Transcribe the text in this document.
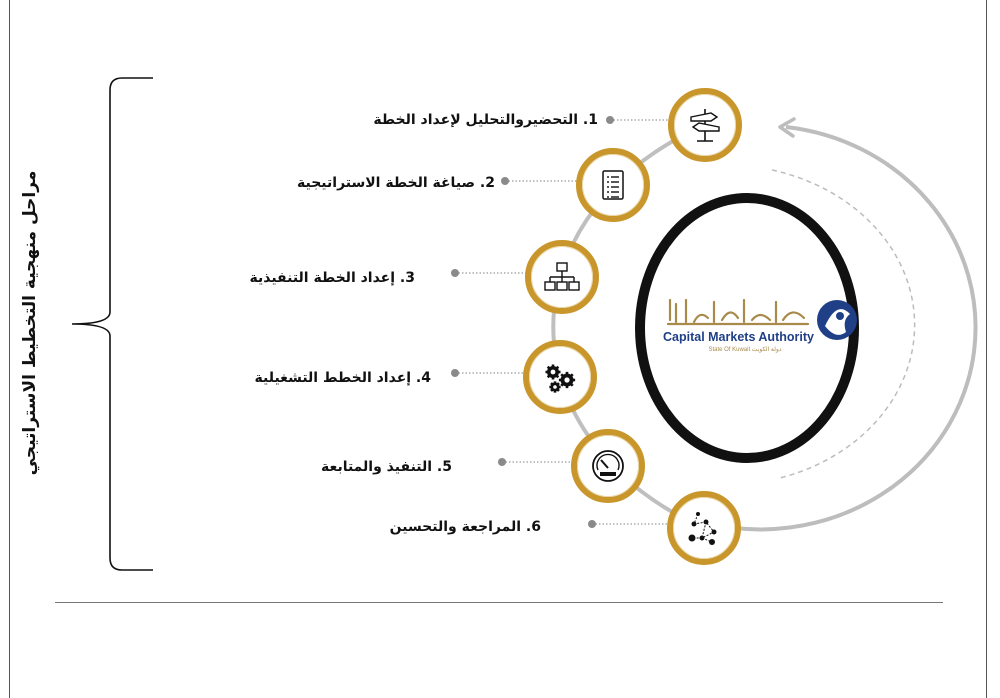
مراحل منهجية التخطيط الاستراتيجي	Capital Markets Authority
State Of Kuwait دولة الكويت
1. التحضيروالتحليل لإعداد الخطة
2. صياغة الخطة الاستراتيجية
3. إعداد الخطة التنفيذية
4. إعداد الخطط التشغيلية
5. التنفيذ والمتابعة
6. المراجعة والتحسين
